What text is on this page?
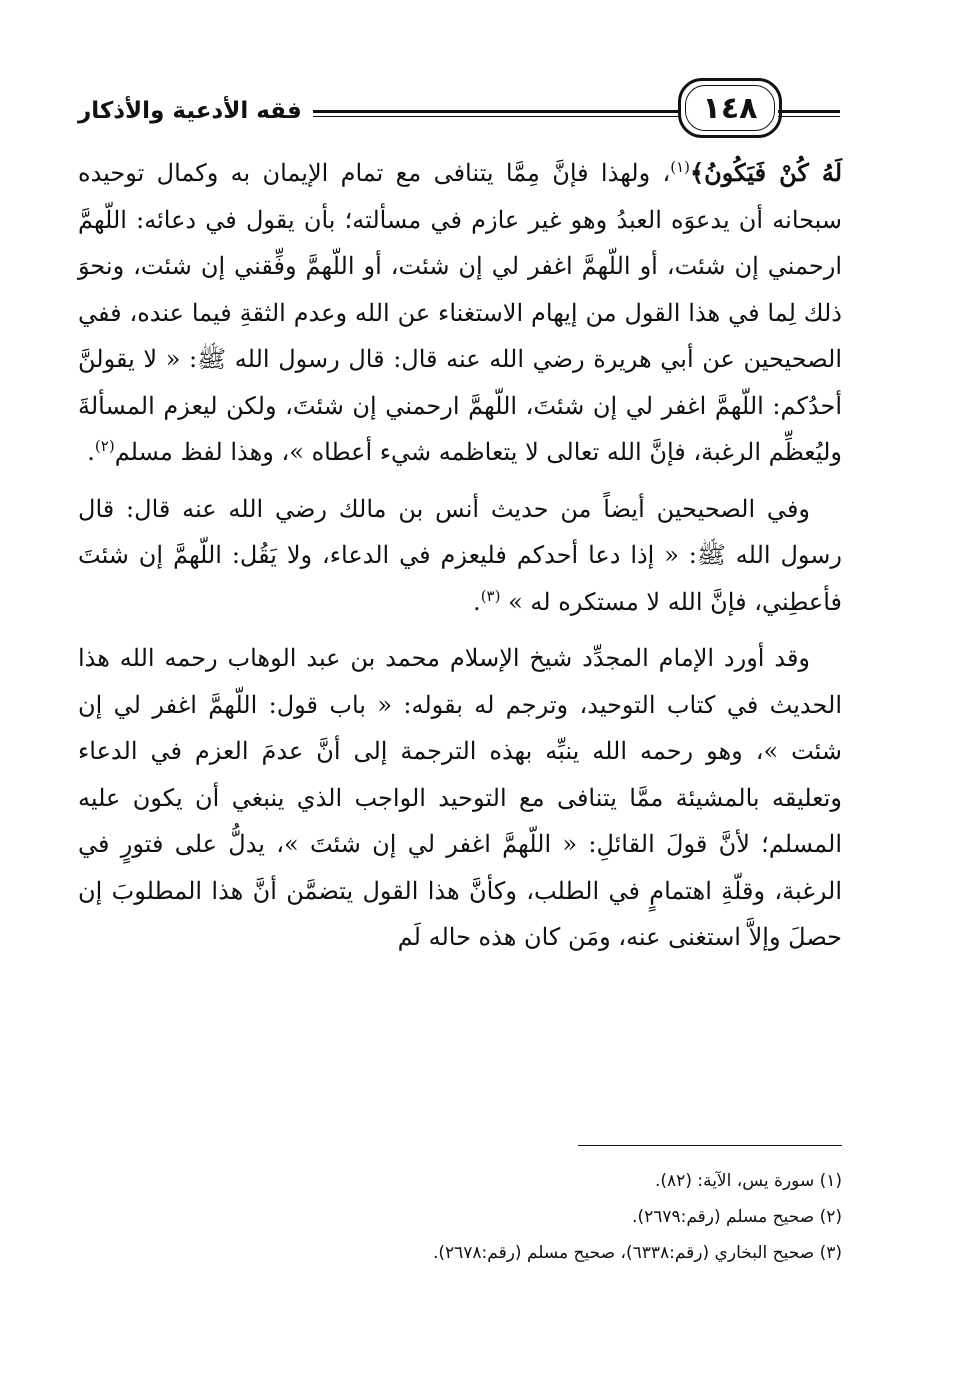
فقه الأدعية والأذكار	١٤٨

لَهُ كُنْ فَيَكُونُ﴾$^{(١)}$، ولهذا فإنَّ مِمَّا يتنافى مع تمام الإيمان به وكمال توحيده سبحانه أن يدعوَه العبدُ وهو غير عازم في مسألته؛ بأن يقول في دعائه: اللّهمَّ ارحمني إن شئت، أو اللّهمَّ اغفر لي إن شئت، أو اللّهمَّ وفِّقني إن شئت، ونحوَ ذلك لِما في هذا القول من إيهام الاستغناء عن الله وعدم الثقةِ فيما عنده، ففي الصحيحين عن أبي هريرة رضي الله عنه قال: قال رسول الله ﷺ: « لا يقولنَّ أحدُكم: اللّهمَّ اغفر لي إن شئتَ، اللّهمَّ ارحمني إن شئتَ، ولكن ليعزم المسألةَ وليُعظِّم الرغبة، فإنَّ الله تعالى لا يتعاظمه شيء أعطاه »، وهذا لفظ مسلم$^{(٢)}$.

وفي الصحيحين أيضاً من حديث أنس بن مالك رضي الله عنه قال: قال رسول الله ﷺ: « إذا دعا أحدكم فليعزم في الدعاء، ولا يَقُل: اللّهمَّ إن شئتَ فأعطِني، فإنَّ الله لا مستكره له » $^{(٣)}$.

وقد أورد الإمام المجدِّد شيخ الإسلام محمد بن عبد الوهاب رحمه الله هذا الحديث في كتاب التوحيد، وترجم له بقوله: « باب قول: اللّهمَّ اغفر لي إن شئت »، وهو رحمه الله ينبِّه بهذه الترجمة إلى أنَّ عدمَ العزم في الدعاء وتعليقه بالمشيئة ممَّا يتنافى مع التوحيد الواجب الذي ينبغي أن يكون عليه المسلم؛ لأنَّ قولَ القائلِ: « اللّهمَّ اغفر لي إن شئتَ »، يدلُّ على فتورٍ في الرغبة، وقلّةِ اهتمامٍ في الطلب، وكأنَّ هذا القول يتضمَّن أنَّ هذا المطلوبَ إن حصلَ وإلاَّ استغنى عنه، ومَن كان هذه حاله لَم

(١) سورة يس، الآية: (٨٢).

(٢) صحيح مسلم (رقم:٢٦٧٩).

(٣) صحيح البخاري (رقم:٦٣٣٨)، صحيح مسلم (رقم:٢٦٧٨).
